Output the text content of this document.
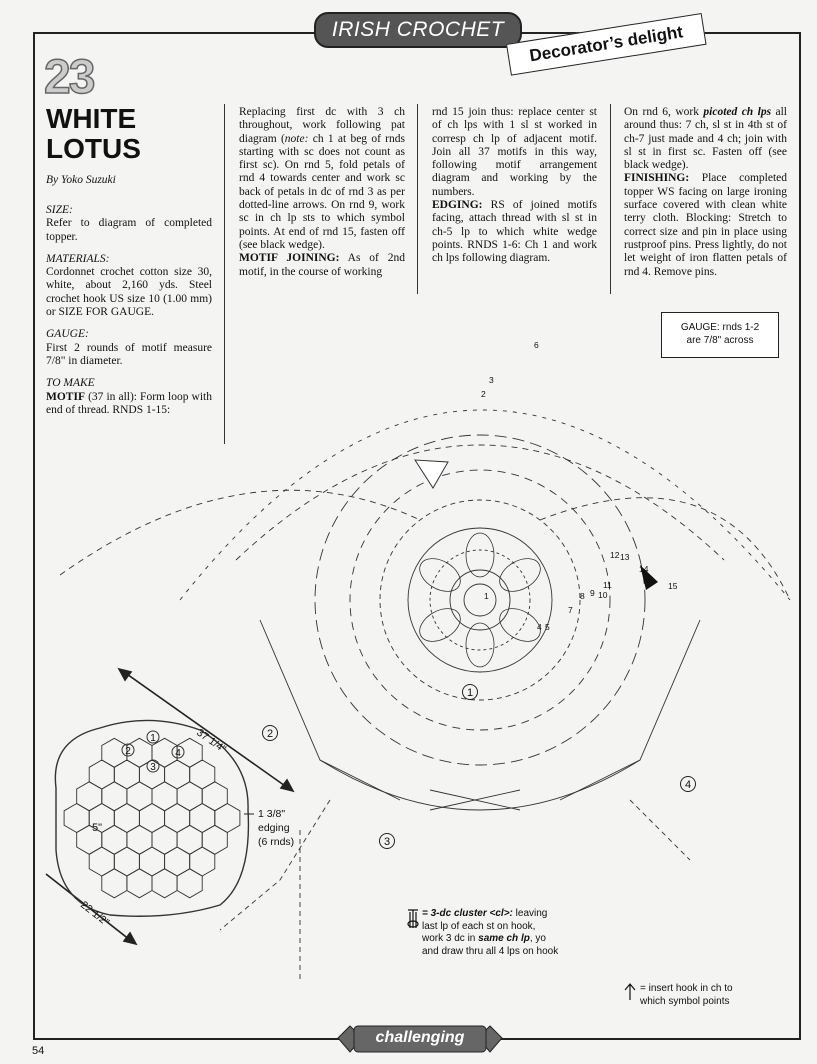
IRISH CROCHET Decorator’s delight
23
WHITE
LOTUS
By Yoko Suzuki
SIZE:

Refer to diagram of completed topper.

MATERIALS:

Cordonnet crochet cotton size 30, white, about 2,160 yds. Steel crochet hook US size 10 (1.00 mm) or SIZE FOR GAUGE.

GAUGE:

First 2 rounds of motif measure 7/8" in diameter.

TO MAKE

MOTIF (37 in all): Form loop with end of thread. RNDS 1-15:

Replacing first dc with 3 ch throughout, work following pat diagram (note: ch 1 at beg of rnds starting with sc does not count as first sc). On rnd 5, fold petals of rnd 4 towards center and work sc back of petals in dc of rnd 3 as per dotted-line arrows. On rnd 9, work sc in ch lp sts to which symbol points. At end of rnd 15, fasten off (see black wedge).

MOTIF JOINING: As of 2nd motif, in the course of working

rnd 15 join thus: replace center st of ch lps with 1 sl st worked in corresp ch lp of adjacent motif. Join all 37 motifs in this way, following motif arrangement diagram and working by the numbers.

EDGING: RS of joined motifs facing, attach thread with sl st in ch-5 lp to which white wedge points. RNDS 1-6: Ch 1 and work ch lps following diagram.

On rnd 6, work picoted ch lps all around thus: 7 ch, sl st in 4th st of ch-7 just made and 4 ch; join with sl st in first sc. Fasten off (see black wedge).

FINISHING: Place completed topper WS facing on large ironing surface covered with clean white terry cloth. Blocking: Stretch to correct size and pin in place using rustproof pins. Press lightly, do not let weight of iron flatten petals of rnd 4. Remove pins.

GAUGE: rnds 1-2
are 7/8" across
1
2
3
4
5"
1
2
3
4
1
2
3
4 5
6
7
8 9 10
11
12 13
14
15
37 1/4"
22 1/2"
1 3/8"
edging
(6 rnds)
= 3-dc cluster <cl>: leaving
last lp of each st on hook,
work 3 dc in same ch lp, yo
and draw thru all 4 lps on hook
= insert hook in ch to
which symbol points
challenging
54
